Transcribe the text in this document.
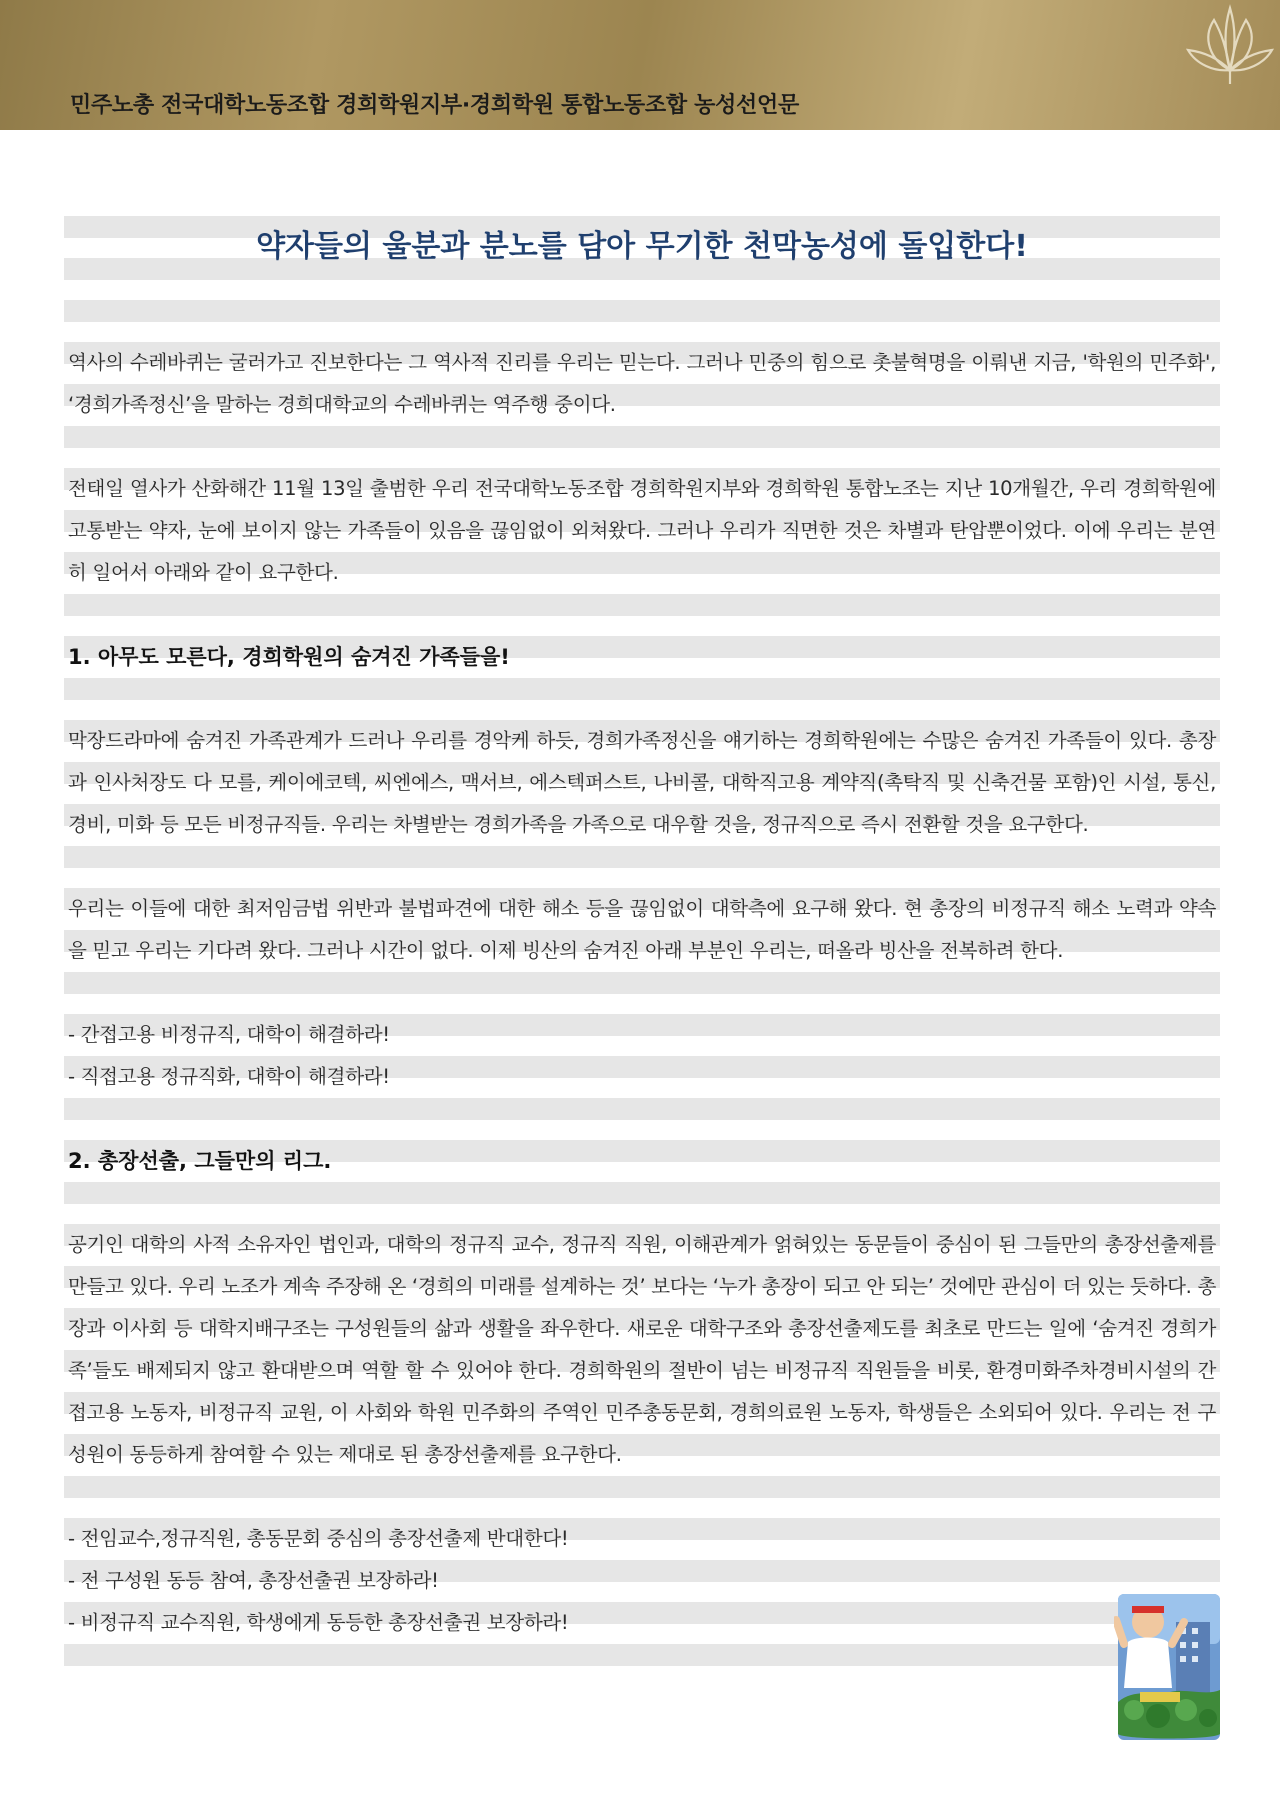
민주노총 전국대학노동조합 경희학원지부·경희학원 통합노동조합 농성선언문
약자들의 울분과 분노를 담아 무기한 천막농성에 돌입한다!

역사의 수레바퀴는 굴러가고 진보한다는 그 역사적 진리를 우리는 믿는다. 그러나 민중의 힘으로 촛불혁명을 이뤄낸 지금, '학원의 민주화', ‘경희가족정신’을 말하는 경희대학교의 수레바퀴는 역주행 중이다.

전태일 열사가 산화해간 11월 13일 출범한 우리 전국대학노동조합 경희학원지부와 경희학원 통합노조는 지난 10개월간, 우리 경희학원에 고통받는 약자, 눈에 보이지 않는 가족들이 있음을 끊임없이 외쳐왔다. 그러나 우리가 직면한 것은 차별과 탄압뿐이었다. 이에 우리는 분연히 일어서 아래와 같이 요구한다.

1. 아무도 모른다, 경희학원의 숨겨진 가족들을!

막장드라마에 숨겨진 가족관계가 드러나 우리를 경악케 하듯, 경희가족정신을 얘기하는 경희학원에는 수많은 숨겨진 가족들이 있다. 총장과 인사처장도 다 모를, 케이에코텍, 씨엔에스, 맥서브, 에스텍퍼스트, 나비콜, 대학직고용 계약직(촉탁직 및 신축건물 포함)인 시설, 통신, 경비, 미화 등 모든 비정규직들. 우리는 차별받는 경희가족을 가족으로 대우할 것을, 정규직으로 즉시 전환할 것을 요구한다.

우리는 이들에 대한 최저임금법 위반과 불법파견에 대한 해소 등을 끊임없이 대학측에 요구해 왔다. 현 총장의 비정규직 해소 노력과 약속을 믿고 우리는 기다려 왔다. 그러나 시간이 없다. 이제 빙산의 숨겨진 아래 부분인 우리는, 떠올라 빙산을 전복하려 한다.

- 간접고용 비정규직, 대학이 해결하라!

- 직접고용 정규직화, 대학이 해결하라!

2. 총장선출, 그들만의 리그.

공기인 대학의 사적 소유자인 법인과, 대학의 정규직 교수, 정규직 직원, 이해관계가 얽혀있는 동문들이 중심이 된 그들만의 총장선출제를 만들고 있다. 우리 노조가 계속 주장해 온 ‘경희의 미래를 설계하는 것’ 보다는 ‘누가 총장이 되고 안 되는’ 것에만 관심이 더 있는 듯하다. 총장과 이사회 등 대학지배구조는 구성원들의 삶과 생활을 좌우한다. 새로운 대학구조와 총장선출제도를 최초로 만드는 일에 ‘숨겨진 경희가족’들도 배제되지 않고 환대받으며 역할 할 수 있어야 한다. 경희학원의 절반이 넘는 비정규직 직원들을 비롯, 환경미화주차경비시설의 간접고용 노동자, 비정규직 교원, 이 사회와 학원 민주화의 주역인 민주총동문회, 경희의료원 노동자, 학생들은 소외되어 있다. 우리는 전 구성원이 동등하게 참여할 수 있는 제대로 된 총장선출제를 요구한다.

- 전임교수,정규직원, 총동문회 중심의 총장선출제 반대한다!

- 전 구성원 동등 참여, 총장선출권 보장하라!

- 비정규직 교수직원, 학생에게 동등한 총장선출권 보장하라!
